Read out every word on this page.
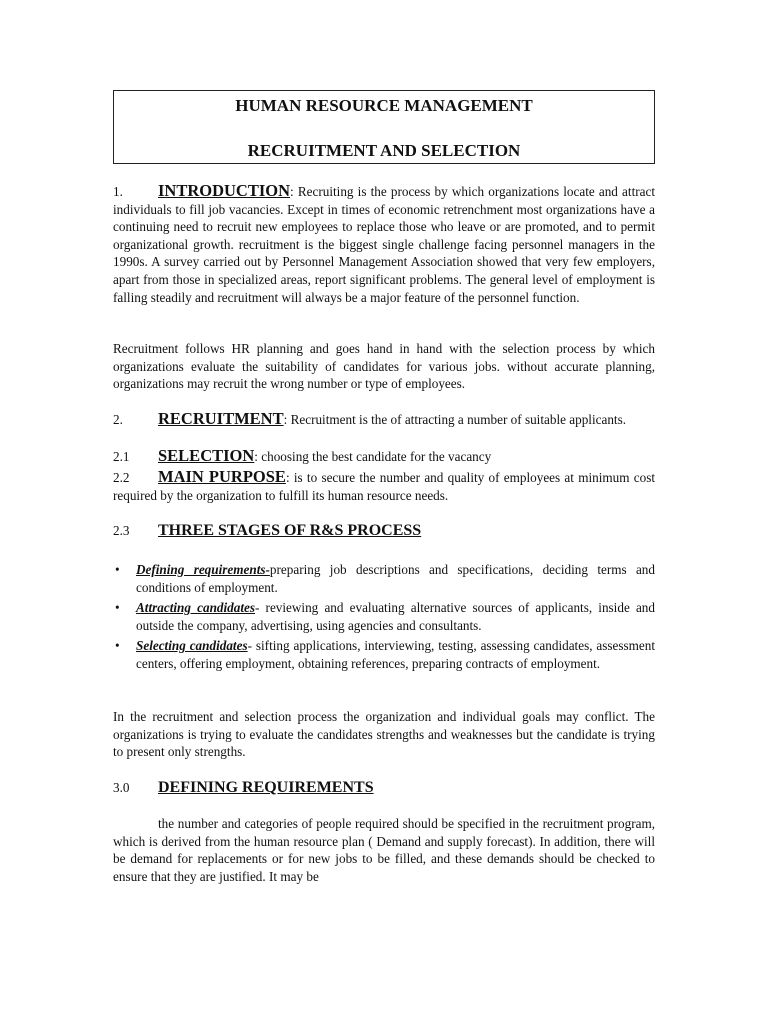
HUMAN RESOURCE MANAGEMENT
RECRUITMENT AND SELECTION

1. INTRODUCTION: Recruiting is the process by which organizations locate and attract individuals to fill job vacancies. Except in times of economic retrenchment most organizations have a continuing need to recruit new employees to replace those who leave or are promoted, and to permit organizational growth. recruitment is the biggest single challenge facing personnel managers in the 1990s. A survey carried out by Personnel Management Association showed that very few employers, apart from those in specialized areas, report significant problems. The general level of employment is falling steadily and recruitment will always be a major feature of the personnel function.

Recruitment follows HR planning and goes hand in hand with the selection process by which organizations evaluate the suitability of candidates for various jobs. without accurate planning, organizations may recruit the wrong number or type of employees.

2. RECRUITMENT: Recruitment is the of attracting a number of suitable applicants.

2.1 SELECTION: choosing the best candidate for the vacancy

2.2 MAIN PURPOSE: is to secure the number and quality of employees at minimum cost required by the organization to fulfill its human resource needs.

2.3 THREE STAGES OF R&S PROCESS

• Defining requirements-preparing job descriptions and specifications, deciding terms and conditions of employment.
• Attracting candidates- reviewing and evaluating alternative sources of applicants, inside and outside the company, advertising, using agencies and consultants.
• Selecting candidates- sifting applications, interviewing, testing, assessing candidates, assessment centers, offering employment, obtaining references, preparing contracts of employment.

In the recruitment and selection process the organization and individual goals may conflict. The organizations is trying to evaluate the candidates strengths and weaknesses but the candidate is trying to present only strengths.

3.0 DEFINING REQUIREMENTS

the number and categories of people required should be specified in the recruitment program, which is derived from the human resource plan ( Demand and supply forecast). In addition, there will be demand for replacements or for new jobs to be filled, and these demands should be checked to ensure that they are justified. It may be
